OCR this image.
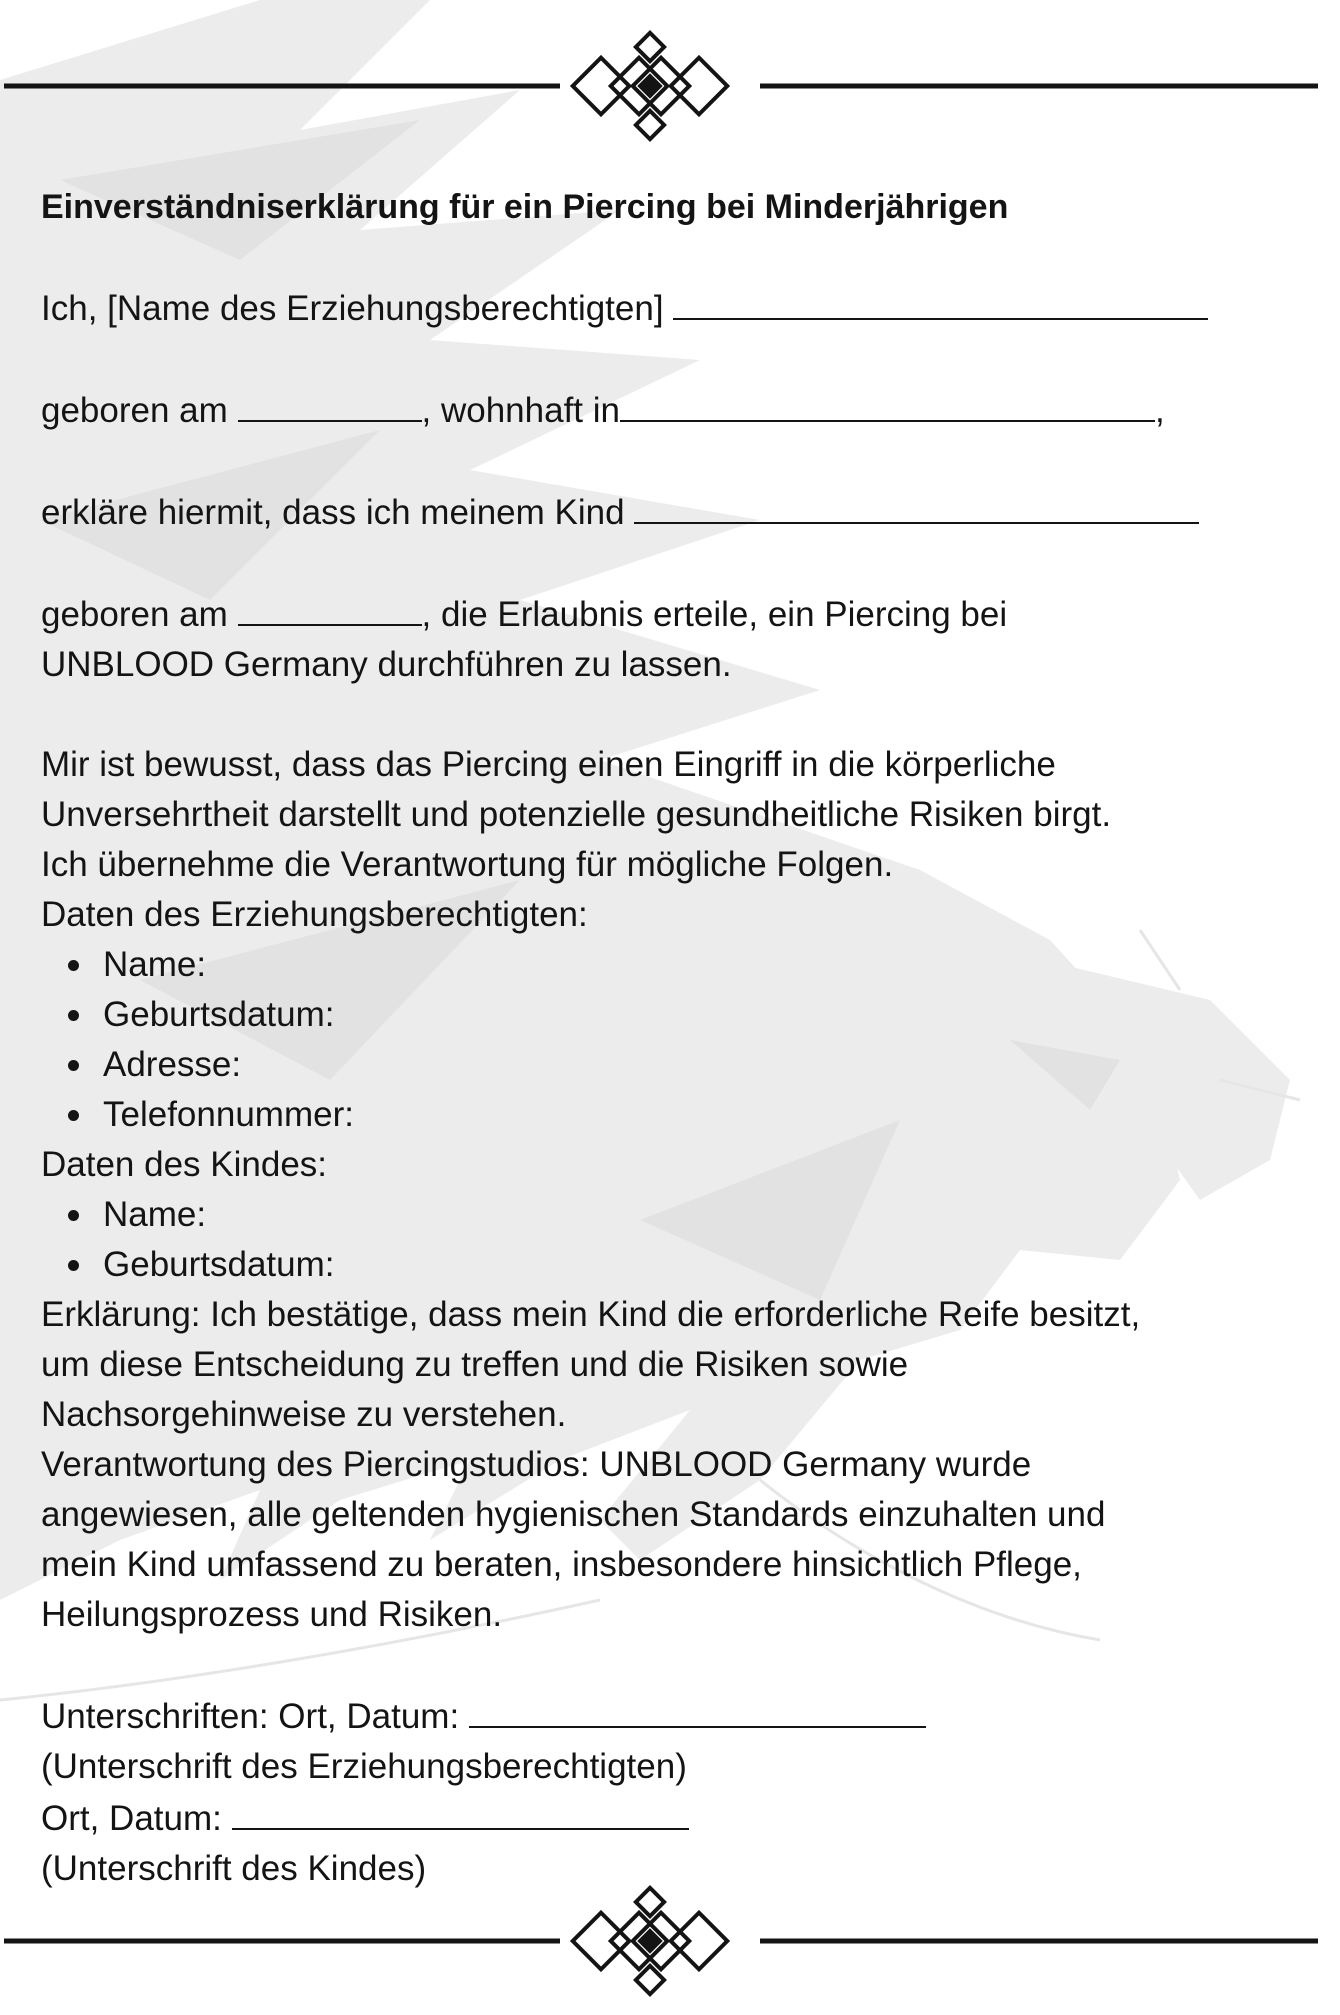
Einverständniserklärung für ein Piercing bei Minderjährigen
Ich, [Name des Erziehungsberechtigten]
geboren am	, wohnhaft in	,
erkläre hiermit, dass ich meinem Kind
geboren am	, die Erlaubnis erteile, ein Piercing bei
UNBLOOD Germany durchführen zu lassen.
Mir ist bewusst, dass das Piercing einen Eingriff in die körperliche
Unversehrtheit darstellt und potenzielle gesundheitliche Risiken birgt.
Ich übernehme die Verantwortung für mögliche Folgen.
Daten des Erziehungsberechtigten:
Name:
Geburtsdatum:
Adresse:
Telefonnummer:
Daten des Kindes:
Name:
Geburtsdatum:
Erklärung: Ich bestätige, dass mein Kind die erforderliche Reife besitzt,
um diese Entscheidung zu treffen und die Risiken sowie
Nachsorgehinweise zu verstehen.
Verantwortung des Piercingstudios: UNBLOOD Germany wurde
angewiesen, alle geltenden hygienischen Standards einzuhalten und
mein Kind umfassend zu beraten, insbesondere hinsichtlich Pflege,
Heilungsprozess und Risiken.
Unterschriften: Ort, Datum:
(Unterschrift des Erziehungsberechtigten)
Ort, Datum:
(Unterschrift des Kindes)
